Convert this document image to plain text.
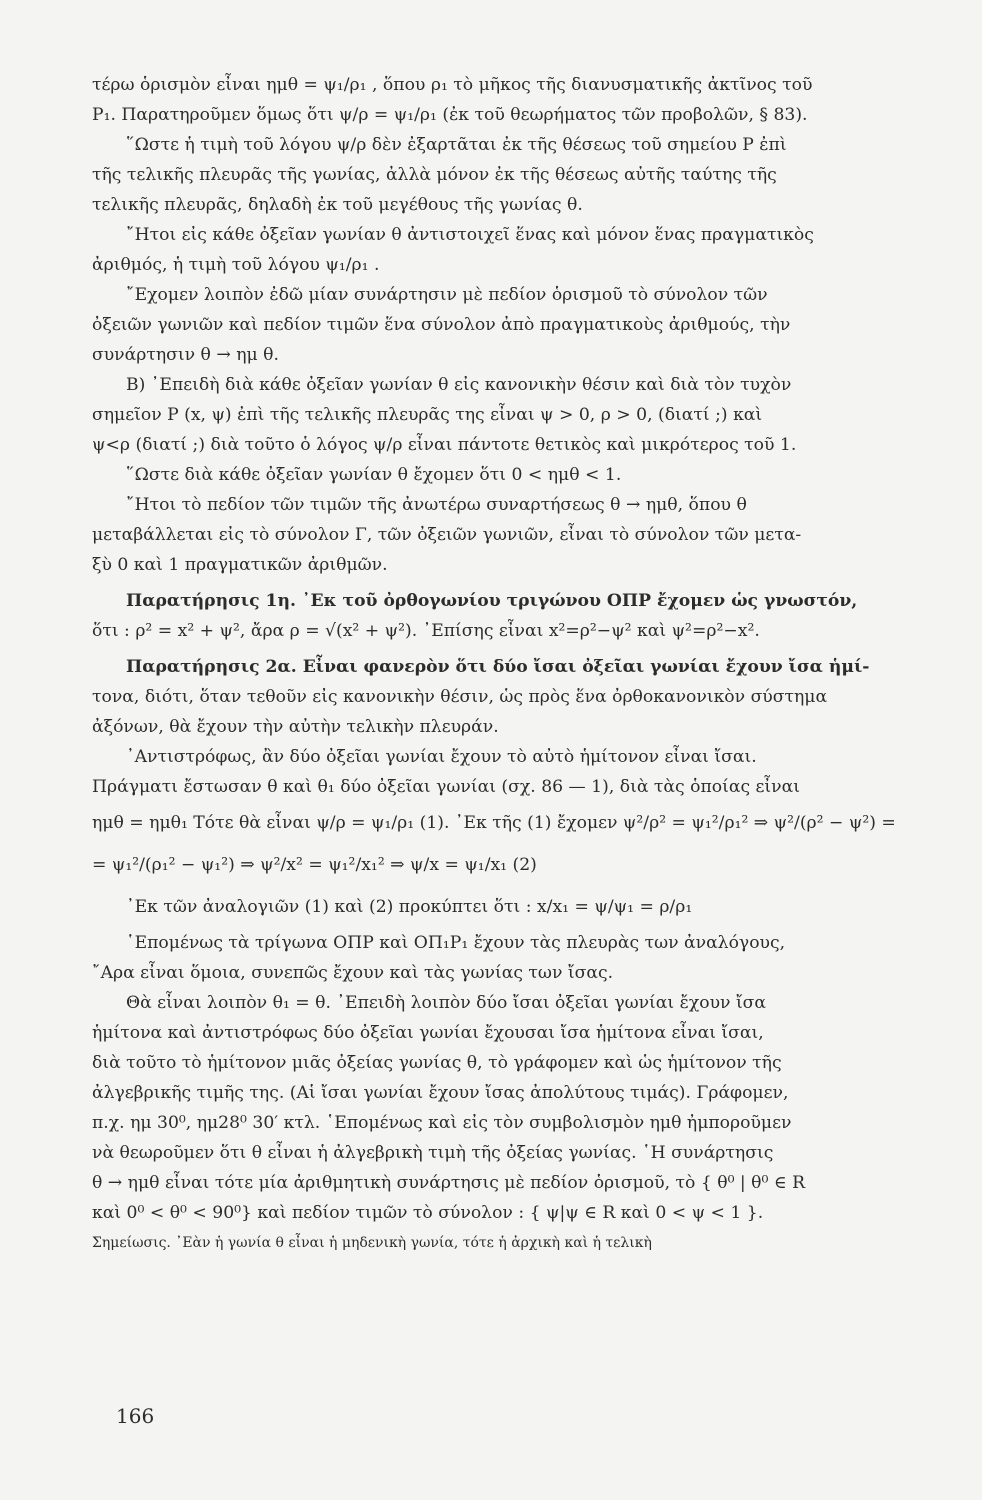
τέρω ὁρισμὸν εἶναι ημθ = ψ₁/ρ₁ , ὅπου ρ₁ τὸ μῆκος τῆς διανυσματικῆς ἀκτῖνος τοῦ
P₁. Παρατηροῦμεν ὅμως ὅτι ψ/ρ = ψ₁/ρ₁ (ἐκ τοῦ θεωρήματος τῶν προβολῶν, § 83).
῞Ωστε ἡ τιμὴ τοῦ λόγου ψ/ρ δὲν ἐξαρτᾶται ἐκ τῆς θέσεως τοῦ σημείου P ἐπὶ
τῆς τελικῆς πλευρᾶς τῆς γωνίας, ἀλλὰ μόνον ἐκ τῆς θέσεως αὐτῆς ταύτης τῆς
τελικῆς πλευρᾶς, δηλαδὴ ἐκ τοῦ μεγέθους τῆς γωνίας θ.
῎Ητοι εἰς κάθε ὀξεῖαν γωνίαν θ ἀντιστοιχεῖ ἕνας καὶ μόνον ἕνας πραγματικὸς
ἀριθμός, ἡ τιμὴ τοῦ λόγου ψ₁/ρ₁ .
῎Εχομεν λοιπὸν ἐδῶ μίαν συνάρτησιν μὲ πεδίον ὁρισμοῦ τὸ σύνολον τῶν
ὀξειῶν γωνιῶν καὶ πεδίον τιμῶν ἕνα σύνολον ἀπὸ πραγματικοὺς ἀριθμούς, τὴν
συνάρτησιν θ → ημ θ.
B) ᾿Επειδὴ διὰ κάθε ὀξεῖαν γωνίαν θ εἰς κανονικὴν θέσιν καὶ διὰ τὸν τυχὸν
σημεῖον P (x, ψ) ἐπὶ τῆς τελικῆς πλευρᾶς της εἶναι ψ > 0, ρ > 0, (διατί ;) καὶ
ψ<ρ (διατί ;) διὰ τοῦτο ὁ λόγος ψ/ρ εἶναι πάντοτε θετικὸς καὶ μικρότερος τοῦ 1.
῞Ωστε διὰ κάθε ὀξεῖαν γωνίαν θ ἔχομεν ὅτι 0 < ημθ < 1.
῎Ητοι τὸ πεδίον τῶν τιμῶν τῆς ἀνωτέρω συναρτήσεως θ → ημθ, ὅπου θ
μεταβάλλεται εἰς τὸ σύνολον Γ, τῶν ὀξειῶν γωνιῶν, εἶναι τὸ σύνολον τῶν μετα-
ξὺ 0 καὶ 1 πραγματικῶν ἀριθμῶν.
Παρατήρησις 1η. ᾿Εκ τοῦ ὀρθογωνίου τριγώνου ΟΠΡ ἔχομεν ὡς γνωστόν,
ὅτι : ρ² = x² + ψ², ἄρα ρ = √(x² + ψ²). ᾿Επίσης εἶναι x²=ρ²−ψ² καὶ ψ²=ρ²−x².
Παρατήρησις 2α. Εἶναι φανερὸν ὅτι δύο ἴσαι ὀξεῖαι γωνίαι ἔχουν ἴσα ἡμί-
τονα, διότι, ὅταν τεθοῦν εἰς κανονικὴν θέσιν, ὡς πρὸς ἕνα ὀρθοκανονικὸν σύστημα
ἀξόνων, θὰ ἔχουν τὴν αὐτὴν τελικὴν πλευράν.
᾿Αντιστρόφως, ἂν δύο ὀξεῖαι γωνίαι ἔχουν τὸ αὐτὸ ἡμίτονον εἶναι ἴσαι.
Πράγματι ἔστωσαν θ καὶ θ₁ δύο ὀξεῖαι γωνίαι (σχ. 86 — 1), διὰ τὰς ὁποίας εἶναι
ημθ = ημθ₁ Τότε θὰ εἶναι ψ/ρ = ψ₁/ρ₁ (1). ᾿Εκ τῆς (1) ἔχομεν ψ²/ρ² = ψ₁²/ρ₁² ⇒ ψ²/(ρ² − ψ²) =
= ψ₁²/(ρ₁² − ψ₁²) ⇒ ψ²/x² = ψ₁²/x₁² ⇒ ψ/x = ψ₁/x₁ (2)
᾿Εκ τῶν ἀναλογιῶν (1) καὶ (2) προκύπτει ὅτι : x/x₁ = ψ/ψ₁ = ρ/ρ₁
῾Επομένως τὰ τρίγωνα ΟΠΡ καὶ ΟΠ₁P₁ ἔχουν τὰς πλευρὰς των ἀναλόγους,
῎Αρα εἶναι ὅμοια, συνεπῶς ἔχουν καὶ τὰς γωνίας των ἴσας.
Θὰ εἶναι λοιπὸν θ₁ = θ. ᾿Επειδὴ λοιπὸν δύο ἴσαι ὀξεῖαι γωνίαι ἔχουν ἴσα
ἡμίτονα καὶ ἀντιστρόφως δύο ὀξεῖαι γωνίαι ἔχουσαι ἴσα ἡμίτονα εἶναι ἴσαι,
διὰ τοῦτο τὸ ἡμίτονον μιᾶς ὀξείας γωνίας θ, τὸ γράφομεν καὶ ὡς ἡμίτονον τῆς
ἀλγεβρικῆς τιμῆς της. (Αἱ ἴσαι γωνίαι ἔχουν ἴσας ἀπολύτους τιμάς). Γράφομεν,
π.χ. ημ 30⁰, ημ28⁰ 30′ κτλ. ῾Επομένως καὶ εἰς τὸν συμβολισμὸν ημθ ἠμποροῦμεν
νὰ θεωροῦμεν ὅτι θ εἶναι ἡ ἀλγεβρικὴ τιμὴ τῆς ὀξείας γωνίας. ῾Η συνάρτησις
θ → ημθ εἶναι τότε μία ἀριθμητικὴ συνάρτησις μὲ πεδίον ὁρισμοῦ, τὸ { θ⁰ | θ⁰ ∈ R
καὶ 0⁰ < θ⁰ < 90⁰} καὶ πεδίον τιμῶν τὸ σύνολον : { ψ|ψ ∈ R καὶ 0 < ψ < 1 }.
Σημείωσις. ᾿Εὰν ἡ γωνία θ εἶναι ἡ μηδενικὴ γωνία, τότε ἡ ἀρχικὴ καὶ ἡ τελικὴ
166
